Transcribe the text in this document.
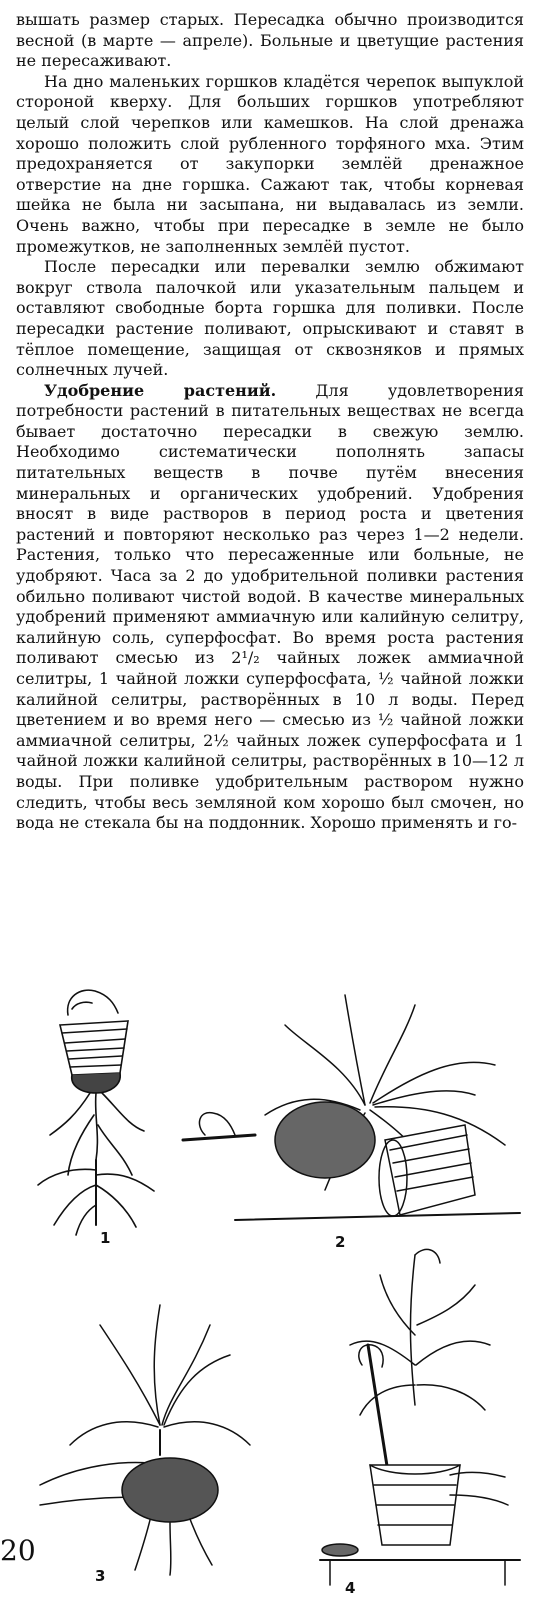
вышать размер старых. Пересадка обычно производится весной (в марте — апреле). Больные и цветущие растения не пересаживают.

На дно маленьких горшков кладётся черепок выпуклой стороной кверху. Для больших горшков употребляют целый слой черепков или камешков. На слой дренажа хорошо положить слой рубленного торфяного мха. Этим предохраняется от закупорки землёй дренажное отверстие на дне горшка. Сажают так, чтобы корневая шейка не была ни засыпана, ни выдавалась из земли. Очень важно, чтобы при пересадке в земле не было промежутков, не заполненных землёй пустот.

После пересадки или перевалки землю обжимают вокруг ствола палочкой или указательным пальцем и оставляют свободные борта горшка для поливки. После пересадки растение поливают, опрыскивают и ставят в тёплое помещение, защищая от сквозняков и прямых солнечных лучей.

Удобрение растений. Для удовлетворения потребности растений в питательных веществах не всегда бывает достаточно пересадки в свежую землю. Необходимо систематически пополнять запасы питательных веществ в почве путём внесения минеральных и органических удобрений. Удобрения вносят в виде растворов в период роста и цветения растений и повторяют несколько раз через 1—2 недели. Растения, только что пересаженные или больные, не удобряют. Часа за 2 до удобрительной поливки растения обильно поливают чистой водой. В качестве минеральных удобрений применяют аммиачную или калийную селитру, калийную соль, суперфосфат. Во время роста растения поливают смесью из 2¹/₂ чайных ложек аммиачной селитры, 1 чайной ложки суперфосфата, ½ чайной ложки калийной селитры, растворённых в 10 л воды. Перед цветением и во время него — смесью из ½ чайной ложки аммиачной селитры, 2½ чайных ложек суперфосфата и 1 чайной ложки калийной селитры, растворённых в 10—12 л воды. При поливке удобрительным раствором нужно следить, чтобы весь земляной ком хорошо был смочен, но вода не стекала бы на поддонник. Хорошо применять и го-

1	2
3
4
20
